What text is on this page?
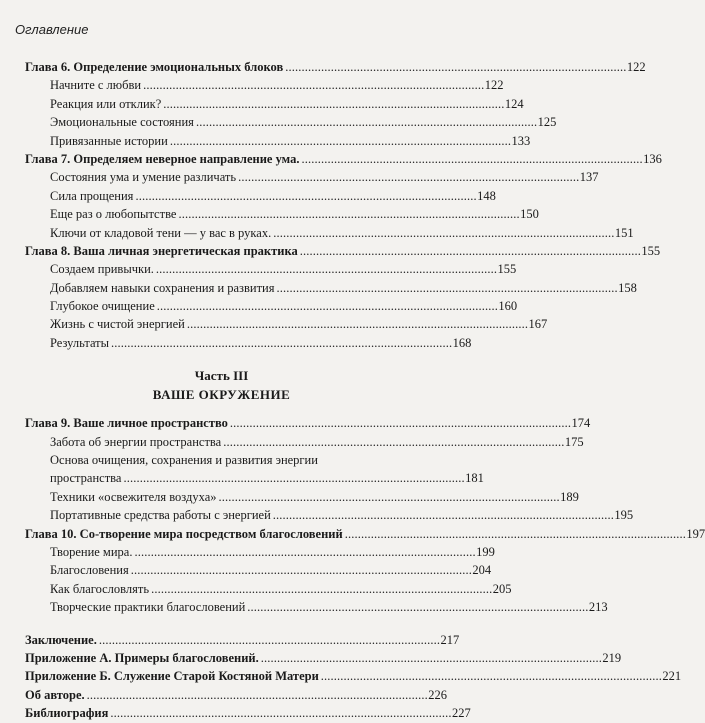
Оглавление
Глава 6. Определение эмоциональных блоков . . .	122
Начните с любви . . .	122
Реакция или отклик? . . .	124
Эмоциональные состояния . . .	125
Привязанные истории . . .	133
Глава 7. Определяем неверное направление ума. . . .	136
Состояния ума и умение различать . . .	137
Сила прощения . . .	148
Еще раз о любопытстве . . .	150
Ключи от кладовой тени — у вас в руках. . . .	151
Глава 8. Ваша личная энергетическая практика . . .	155
Создаем привычки. . . .	155
Добавляем навыки сохранения и развития . . .	158
Глубокое очищение . . .	160
Жизнь с чистой энергией . . .	167
Результаты . . .	168
Часть III
ВАШЕ ОКРУЖЕНИЕ
Глава 9. Ваше личное пространство . . .	174
Забота об энергии пространства . . .	175
Основа очищения, сохранения и развития энергии
пространства . . .	181
Техники «освежителя воздуха» . . .	189
Портативные средства работы с энергией . . .	195
Глава 10. Со-творение мира посредством благословений . . .	197
Творение мира. . . .	199
Благословения . . .	204
Как благословлять . . .	205
Творческие практики благословений . . .	213
Заключение. . . .	217
Приложение А. Примеры благословений. . . .	219
Приложение Б. Служение Старой Костяной Матери . . .	221
Об авторе. . . .	226
Библиография . . .	227
